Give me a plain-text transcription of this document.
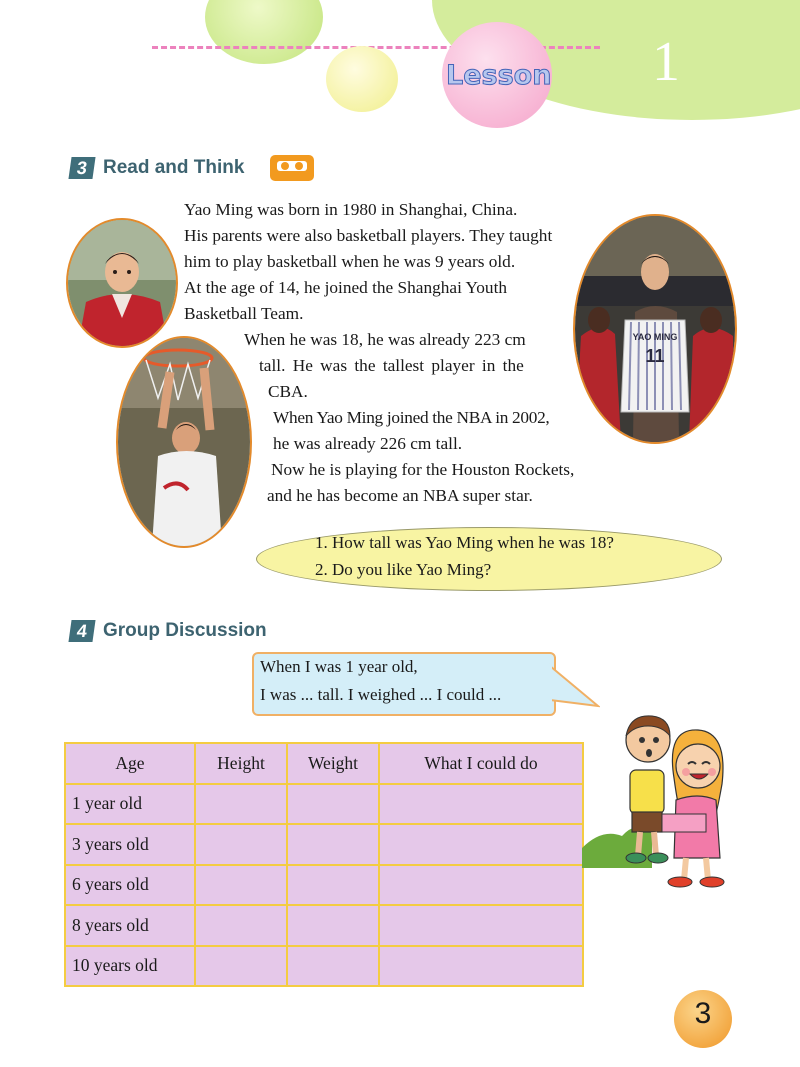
Lesson 1
3 Read and Think
YAO MING
11
Yao Ming was born in 1980 in Shanghai, China.
His parents were also basketball players. They taught
him to play basketball when he was 9 years old.
At the age of 14, he joined the Shanghai Youth
Basketball Team.
When he was 18, he was already 223 cm
tall. He was the tallest player in the
CBA.
When Yao Ming joined the NBA in 2002,
he was already 226 cm tall.
Now he is playing for the Houston Rockets,
and he has become an NBA super star.
1. How tall was Yao Ming when he was 18?
2. Do you like Yao Ming?
4 Group Discussion
When I was 1 year old,
I was ... tall. I weighed ... I could ...
Age	Height	Weight	What I could do
1 year old			
3 years old			
6 years old			
8 years old			
10 years old			
3
